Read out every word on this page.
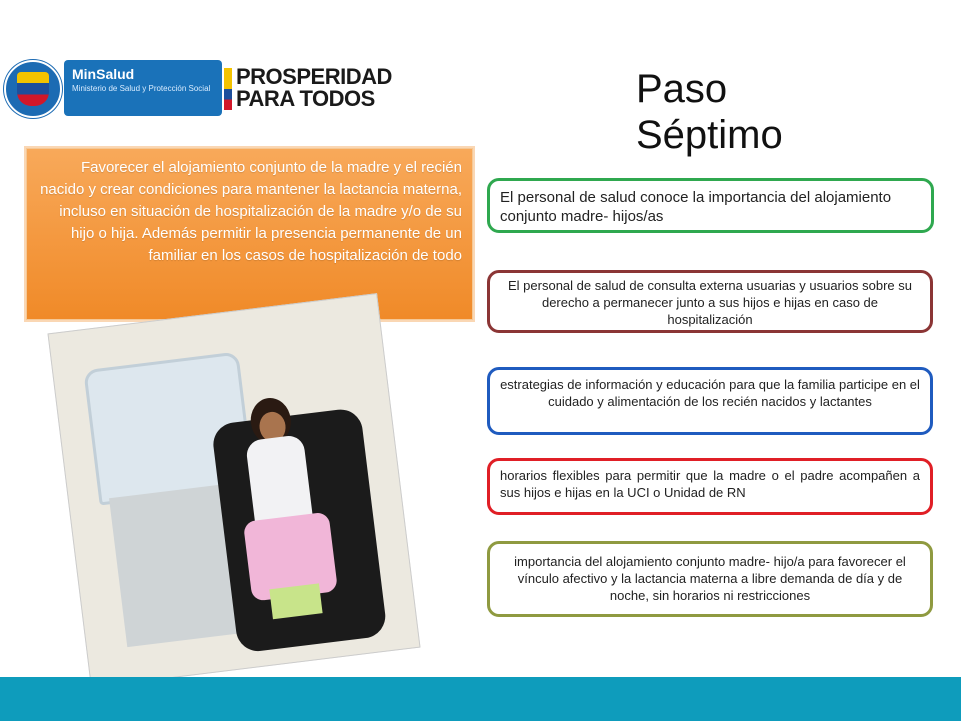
MinSalud
Ministerio de Salud y Protección Social PROSPERIDAD
PARA TODOS	Paso
Séptimo

Favorecer el alojamiento conjunto de la madre y el recién nacido y crear condiciones para mantener la lactancia materna, incluso en situación de hospitalización de la madre y/o de su hijo o hija. Además permitir la presencia permanente de un familiar en los casos de hospitalización de todo

El personal de salud conoce la importancia del alojamiento conjunto madre- hijos/as
El personal de salud de consulta externa usuarias y usuarios sobre su derecho a permanecer junto a sus hijos e hijas en caso de hospitalización
estrategias de información y educación para que la familia participe en el cuidado y alimentación de los recién nacidos y lactantes
horarios flexibles para permitir que la madre o el padre acompañen a sus hijos e hijas en la UCI o Unidad de RN
importancia del alojamiento conjunto madre- hijo/a para favorecer el vínculo afectivo y la lactancia materna a libre demanda de día y de noche, sin horarios ni restricciones
